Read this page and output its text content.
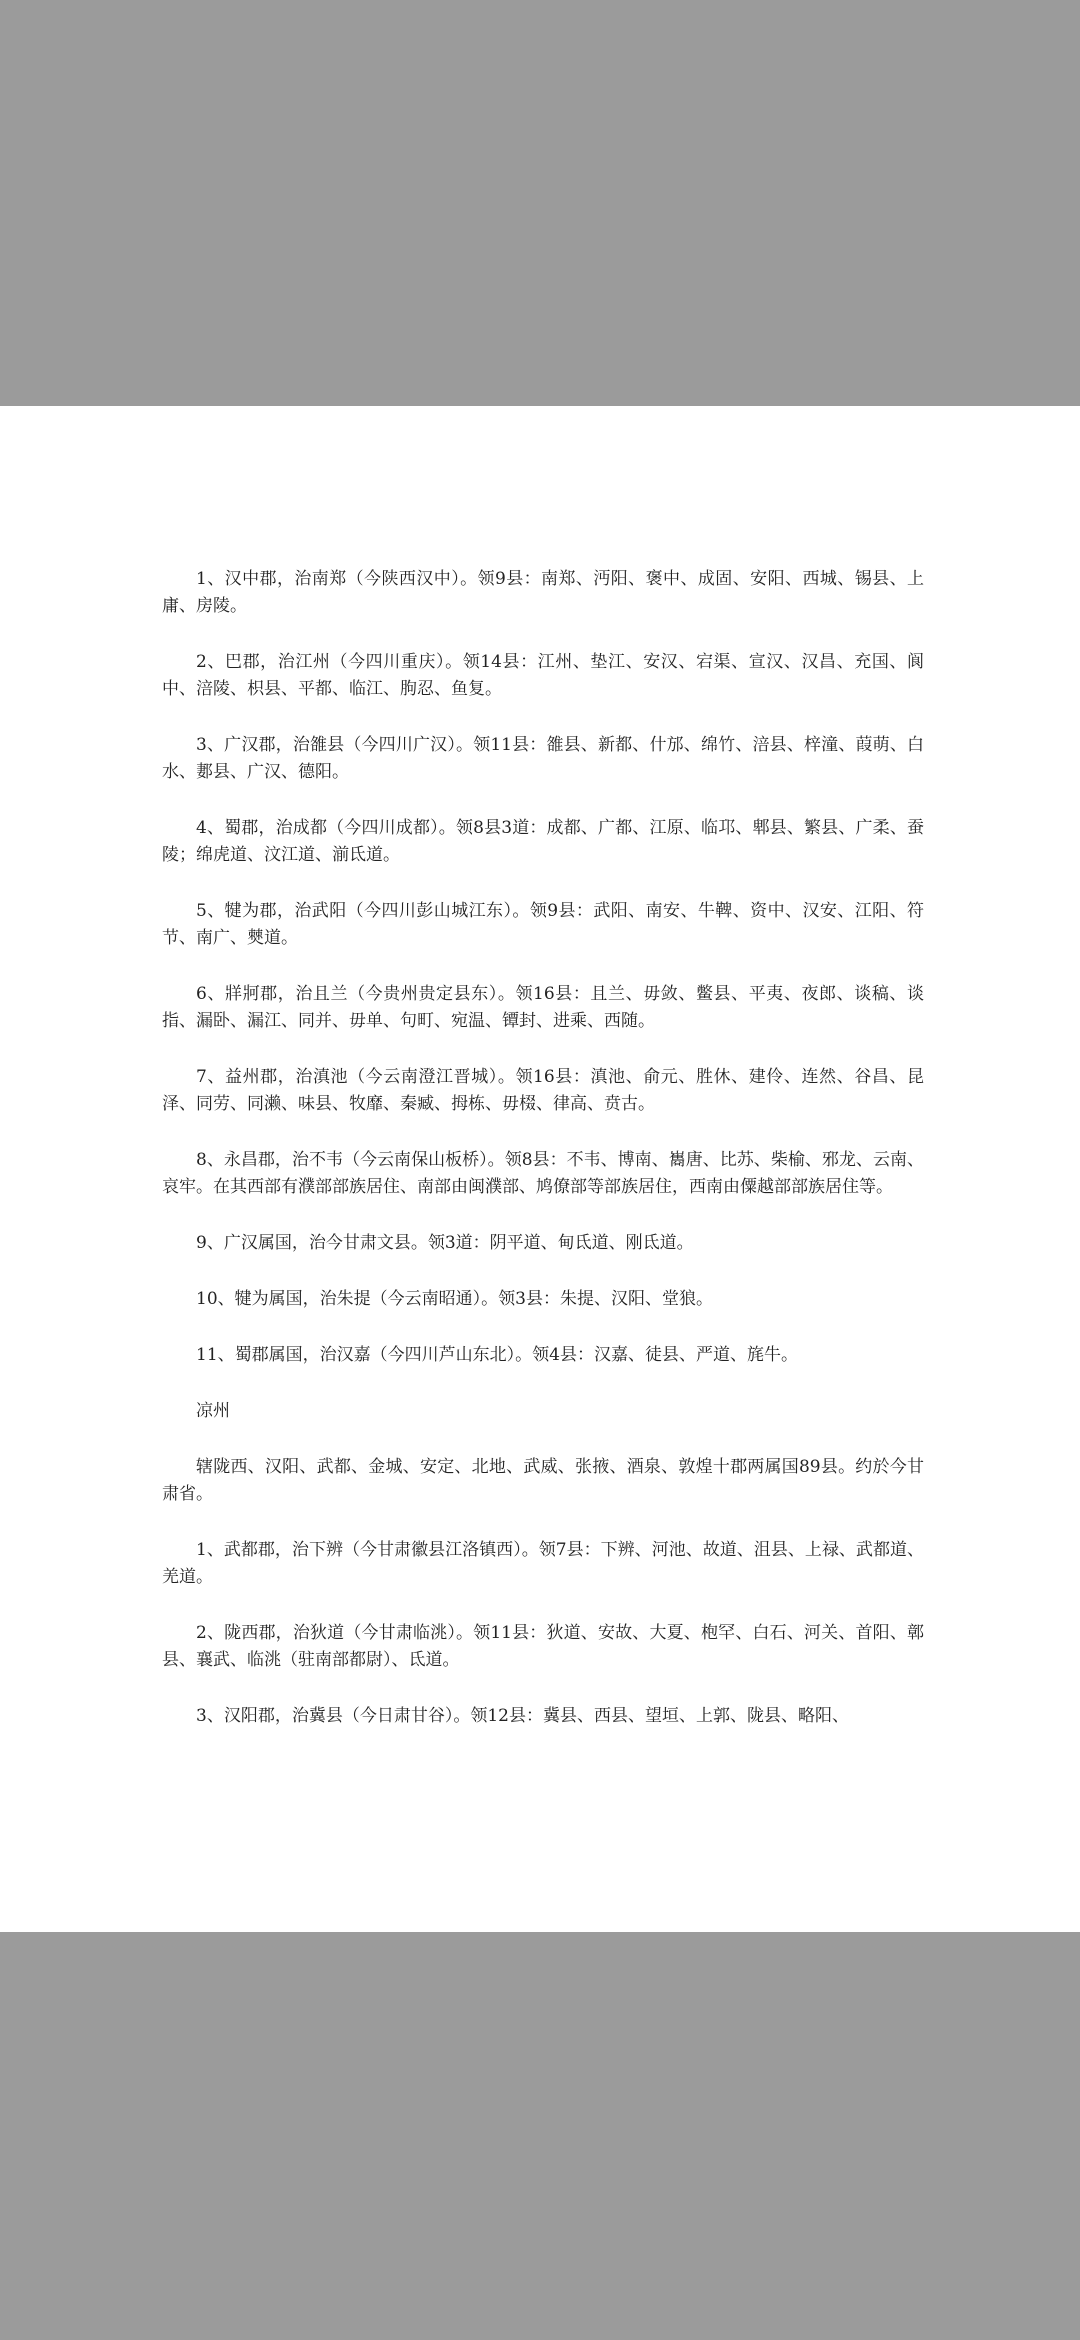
1、汉中郡，治南郑（今陕西汉中）。领9县：南郑、沔阳、褒中、成固、安阳、西城、锡县、上庸、房陵。

2、巴郡，治江州（今四川重庆）。领14县：江州、垫江、安汉、宕渠、宣汉、汉昌、充国、阆中、涪陵、枳县、平都、临江、朐忍、鱼复。

3、广汉郡，治雒县（今四川广汉）。领11县：雒县、新都、什邡、绵竹、涪县、梓潼、葭萌、白水、郪县、广汉、德阳。

4、蜀郡，治成都（今四川成都）。领8县3道：成都、广都、江原、临邛、郫县、繁县、广柔、蚕陵；绵虎道、汶江道、湔氐道。

5、犍为郡，治武阳（今四川彭山城江东）。领9县：武阳、南安、牛鞞、资中、汉安、江阳、符节、南广、僰道。

6、牂牁郡，治且兰（今贵州贵定县东）。领16县：且兰、毋敛、鳖县、平夷、夜郎、谈稿、谈指、漏卧、漏江、同并、毋单、句町、宛温、镡封、进乘、西随。

7、益州郡，治滇池（今云南澄江晋城）。领16县：滇池、俞元、胜休、建伶、连然、谷昌、昆泽、同劳、同濑、味县、牧靡、秦臧、拇栋、毋棳、律高、贲古。

8、永昌郡，治不韦（今云南保山板桥）。领8县：不韦、博南、巂唐、比苏、柴榆、邪龙、云南、哀牢。在其西部有濮部部族居住、南部由闽濮部、鸠僚部等部族居住，西南由僳越部部族居住等。

9、广汉属国，治今甘肃文县。领3道：阴平道、甸氐道、刚氐道。

10、犍为属国，治朱提（今云南昭通）。领3县：朱提、汉阳、堂狼。

11、蜀郡属国，治汉嘉（今四川芦山东北）。领4县：汉嘉、徒县、严道、旄牛。

凉州

辖陇西、汉阳、武都、金城、安定、北地、武威、张掖、酒泉、敦煌十郡两属国89县。约於今甘肃省。

1、武都郡，治下辨（今甘肃徽县江洛镇西）。领7县：下辨、河池、故道、沮县、上禄、武都道、羌道。

2、陇西郡，治狄道（今甘肃临洮）。领11县：狄道、安故、大夏、枹罕、白石、河关、首阳、鄣县、襄武、临洮（驻南部都尉）、氐道。

3、汉阳郡，治冀县（今日肃甘谷）。领12县：冀县、西县、望垣、上郭、陇县、略阳、
